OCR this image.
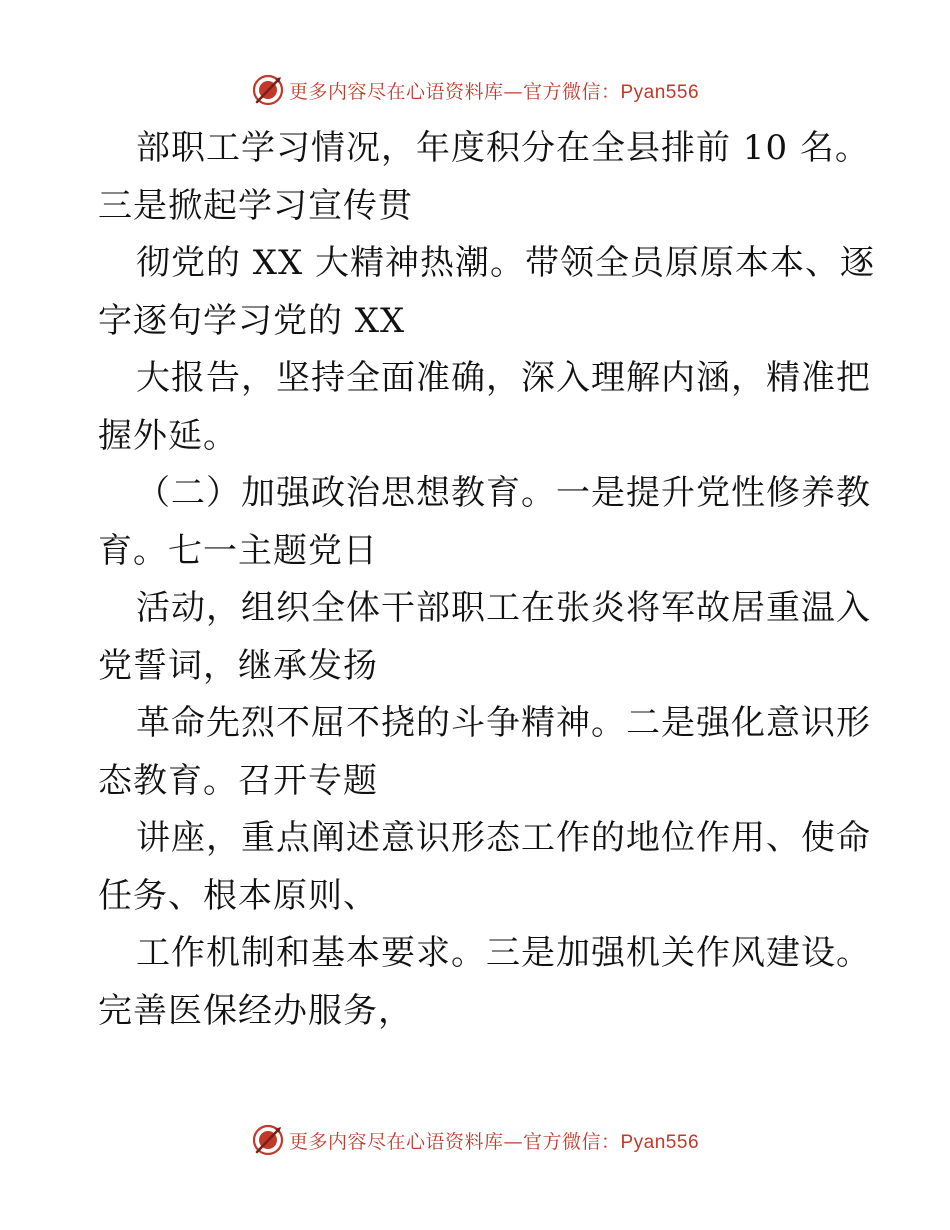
更多内容尽在心语资料库—官方微信：Pyan556
部职工学习情况，年度积分在全县排前 10 名。
三是掀起学习宣传贯
彻党的 XX 大精神热潮。带领全员原原本本、逐
字逐句学习党的 XX
大报告，坚持全面准确，深入理解内涵，精准把
握外延。
（二）加强政治思想教育。一是提升党性修养教
育。七一主题党日
活动，组织全体干部职工在张炎将军故居重温入
党誓词，继承发扬
革命先烈不屈不挠的斗争精神。二是强化意识形
态教育。召开专题
讲座，重点阐述意识形态工作的地位作用、使命
任务、根本原则、
工作机制和基本要求。三是加强机关作风建设。
完善医保经办服务，
更多内容尽在心语资料库—官方微信：Pyan556
